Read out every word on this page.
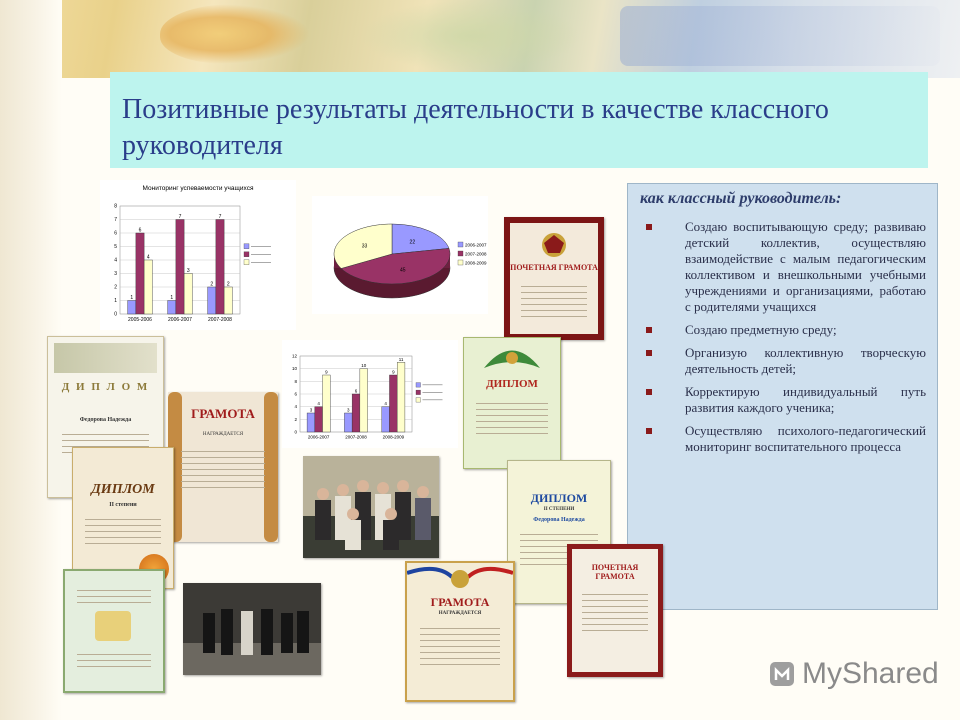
Позитивные результаты деятельности в качестве классного руководителя
как классный руководитель:
Создаю воспитывающую среду; развиваю детский коллектив, осуществляю взаимодействие с малым педагогическим коллективом и внешкольными учебными учреждениями и организациями, работаю с родителями учащихся
Создаю предметную среду;
Организую коллективную творческую деятельность детей;
Корректирую индивидуальный путь развития каждого ученика;
Осуществляю психолого-педагогический мониторинг воспитательного процесса
Мониторинг успеваемости учащихся
0
1
2
3
4
5
6
7
8
1
6
4
2005-2006
1
7
3
2006-2007
2
7
2
2007-2008
22
45
33	2006-2007
2007-2008
2008-2009
0
2
4
6
8
10
12
3
4
9
2006-2007
3
6
10
2007-2008
4
9
11
2008-2009
ПОЧЕТНАЯ ГРАМОТА
Д И П Л О М
Федорова Надежда	ГРАМОТА
НАГРАЖДАЕТСЯ
ДИПЛОМ
ДИПЛОМ
II степени	ДИПЛОМ
II СТЕПЕНИ
Федорова Надежда
ГРАМОТА
НАГРАЖДАЕТСЯ
ПОЧЕТНАЯ ГРАМОТА
MyShared
